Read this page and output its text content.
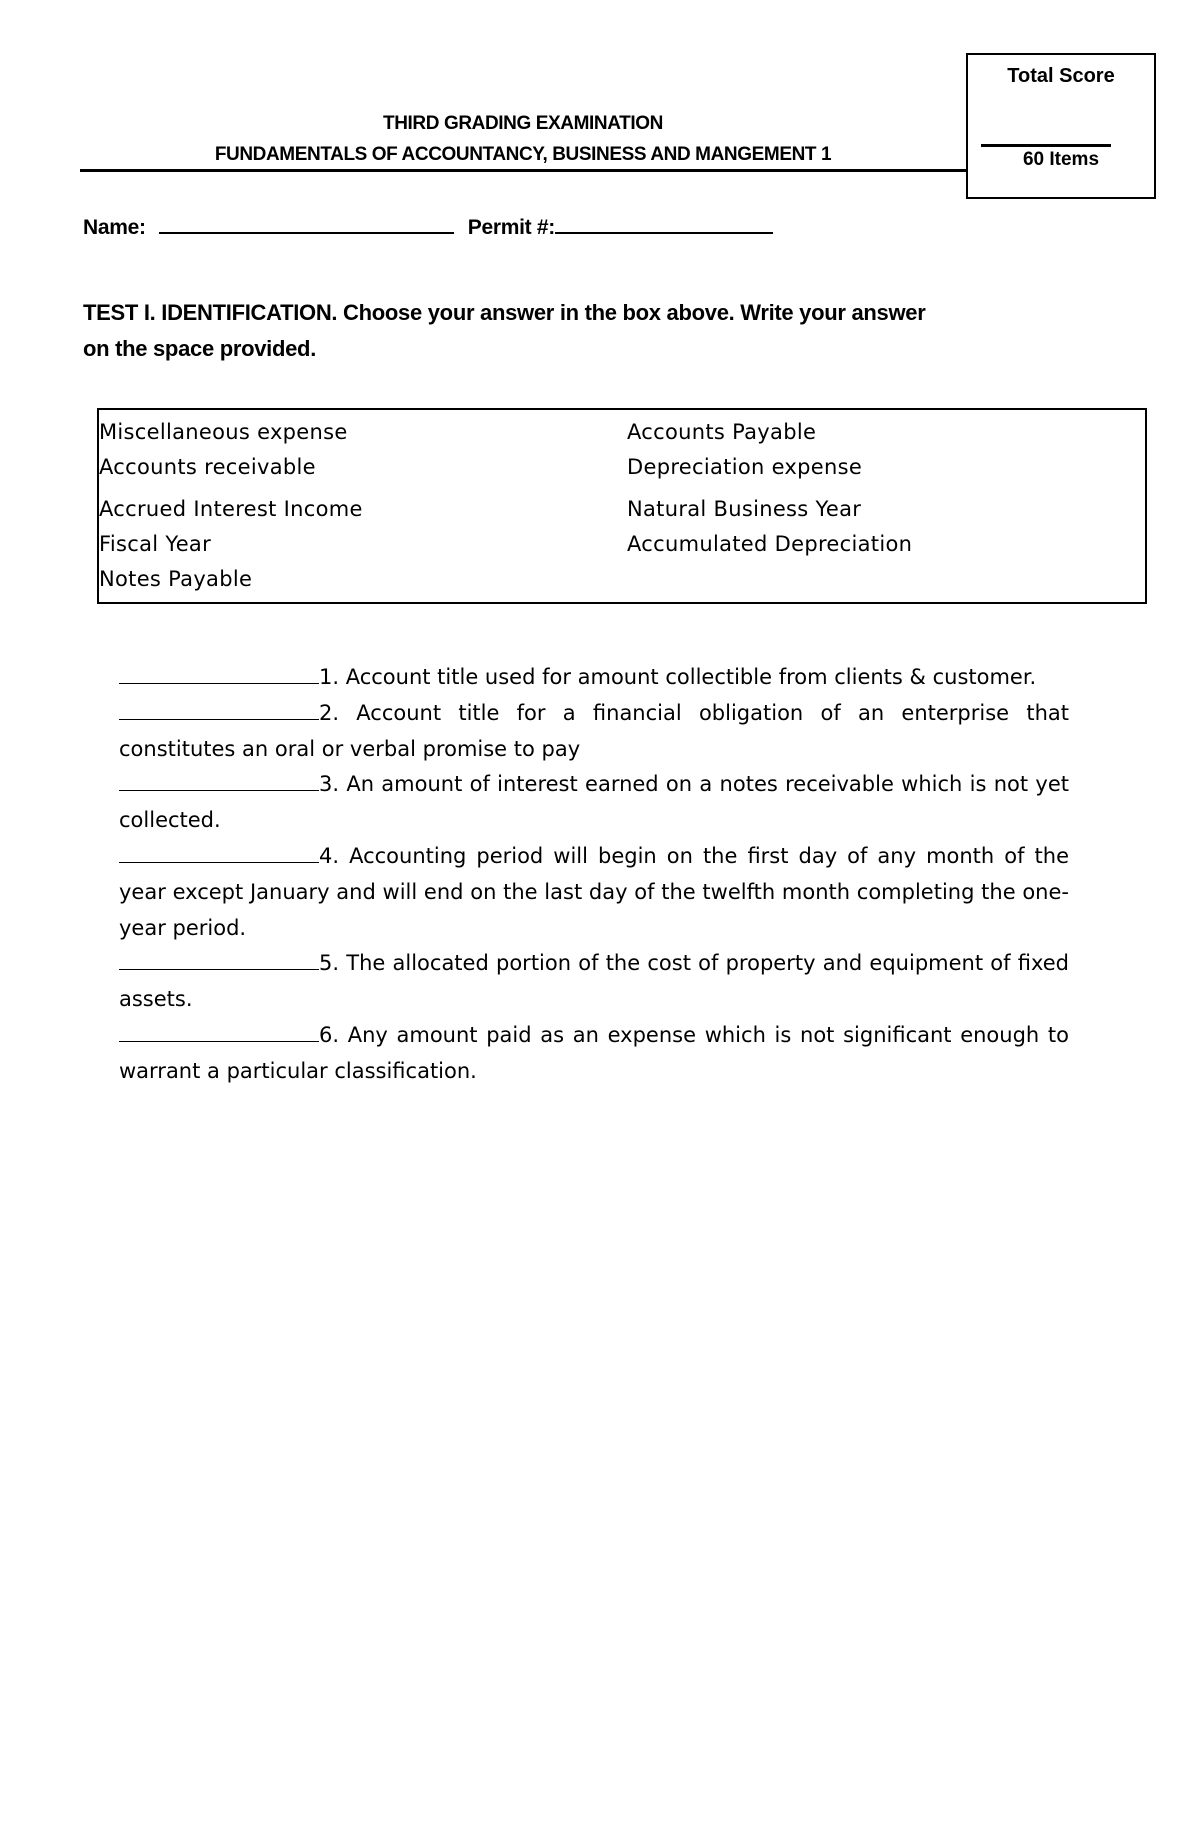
THIRD GRADING EXAMINATION
FUNDAMENTALS OF ACCOUNTANCY, BUSINESS AND MANGEMENT 1
Total Score
60 Items
Name:	Permit #:
TEST I. IDENTIFICATION. Choose your answer in the box above. Write your answer
on the space provided.
Miscellaneous expense
Accounts receivable
Accrued Interest Income
Fiscal Year
Notes Payable
Accounts Payable
Depreciation expense
Natural Business Year
Accumulated Depreciation

1. Account title used for amount collectible from clients & customer.

2. Account title for a financial obligation of an enterprise that constitutes an oral or verbal promise to pay

3. An amount of interest earned on a notes receivable which is not yet collected.

4. Accounting period will begin on the first day of any month of the year except January and will end on the last day of the twelfth month completing the one-year period.

5. The allocated portion of the cost of property and equipment of fixed assets.

6. Any amount paid as an expense which is not significant enough to warrant a particular classification.
